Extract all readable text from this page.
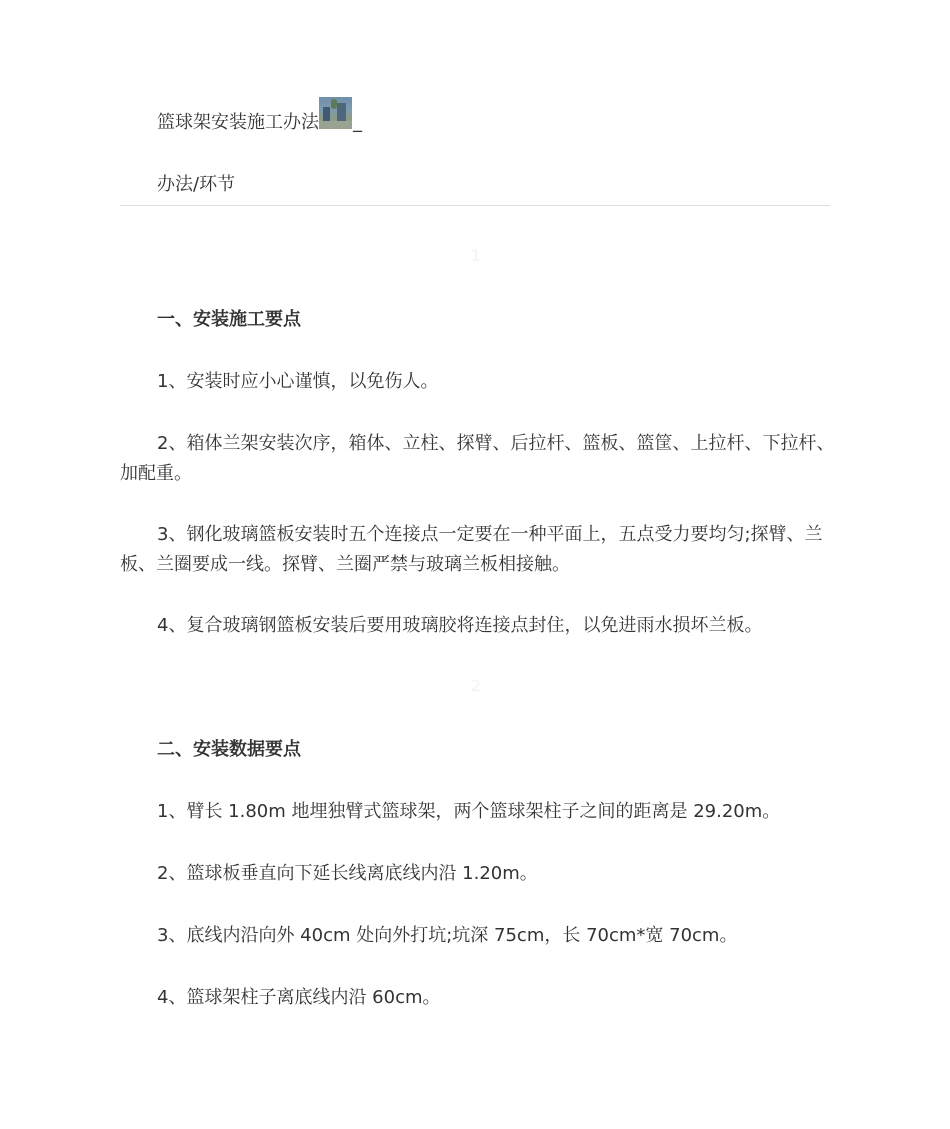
篮球架安装施工办法 _
办法/环节
1
一、安装施工要点
1、安装时应小心谨慎，以免伤人。
2、箱体兰架安装次序，箱体、立柱、探臂、后拉杆、篮板、篮筐、上拉杆、下拉杆、加配重。
3、钢化玻璃篮板安装时五个连接点一定要在一种平面上，五点受力要均匀;探臂、兰板、兰圈要成一线。探臂、兰圈严禁与玻璃兰板相接触。
4、复合玻璃钢篮板安装后要用玻璃胶将连接点封住，以免进雨水损坏兰板。
2
二、安装数据要点
1、臂长 1.80m 地埋独臂式篮球架，两个篮球架柱子之间的距离是 29.20m。
2、篮球板垂直向下延长线离底线内沿 1.20m。
3、底线内沿向外 40cm 处向外打坑;坑深 75cm，长 70cm*宽 70cm。
4、篮球架柱子离底线内沿 60cm。
